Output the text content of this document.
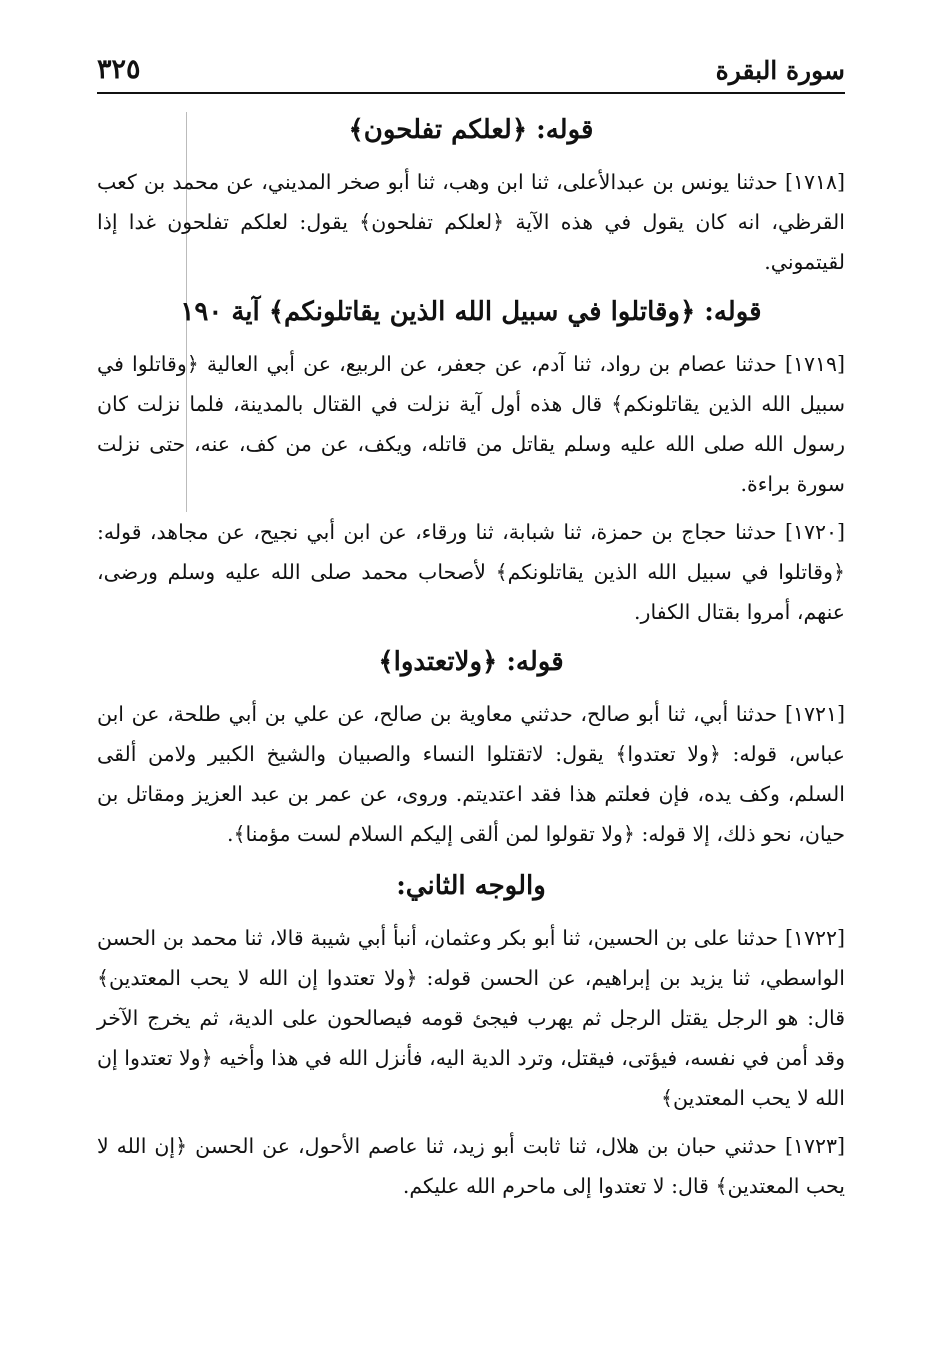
سورة البقرة
٣٢٥
قوله: ﴿لعلكم تفلحون﴾

[١٧١٨] حدثنا يونس بن عبدالأعلى، ثنا ابن وهب، ثنا أبو صخر المديني، عن محمد بن كعب القرظي، انه كان يقول في هذه الآية ﴿لعلكم تفلحون﴾ يقول: لعلكم تفلحون غدا إذا لقيتموني.

قوله: ﴿وقاتلوا في سبيل الله الذين يقاتلونكم﴾ آية ١٩٠

[١٧١٩] حدثنا عصام بن رواد، ثنا آدم، عن جعفر، عن الربيع، عن أبي العالية ﴿وقاتلوا في سبيل الله الذين يقاتلونكم﴾ قال هذه أول آية نزلت في القتال بالمدينة، فلما نزلت كان رسول الله صلى الله عليه وسلم يقاتل من قاتله، ويكف، عن من كف، عنه، حتى نزلت سورة براءة.

[١٧٢٠] حدثنا حجاج بن حمزة، ثنا شبابة، ثنا ورقاء، عن ابن أبي نجيح، عن مجاهد، قوله: ﴿وقاتلوا في سبيل الله الذين يقاتلونكم﴾ لأصحاب محمد صلى الله عليه وسلم ورضى، عنهم، أمروا بقتال الكفار.

قوله: ﴿ولاتعتدوا﴾

[١٧٢١] حدثنا أبي، ثنا أبو صالح، حدثني معاوية بن صالح، عن علي بن أبي طلحة، عن ابن عباس، قوله: ﴿ولا تعتدوا﴾ يقول: لاتقتلوا النساء والصبيان والشيخ الكبير ولامن ألقى السلم، وكف يده، فإن فعلتم هذا فقد اعتديتم. وروى، عن عمر بن عبد العزيز ومقاتل بن حيان، نحو ذلك، إلا قوله: ﴿ولا تقولوا لمن ألقى إليكم السلام لست مؤمنا﴾.

والوجه الثاني:

[١٧٢٢] حدثنا على بن الحسين، ثنا أبو بكر وعثمان، أنبأ أبي شيبة قالا، ثنا محمد بن الحسن الواسطي، ثنا يزيد بن إبراهيم، عن الحسن قوله: ﴿ولا تعتدوا إن الله لا يحب المعتدين﴾ قال: هو الرجل يقتل الرجل ثم يهرب فيجئ قومه فيصالحون على الدية، ثم يخرج الآخر وقد أمن في نفسه، فيؤتى، فيقتل، وترد الدية اليه، فأنزل الله في هذا وأخيه ﴿ولا تعتدوا إن الله لا يحب المعتدين﴾

[١٧٢٣] حدثني حبان بن هلال، ثنا ثابت أبو زيد، ثنا عاصم الأحول، عن الحسن ﴿إن الله لا يحب المعتدين﴾ قال: لا تعتدوا إلى ماحرم الله عليكم.
